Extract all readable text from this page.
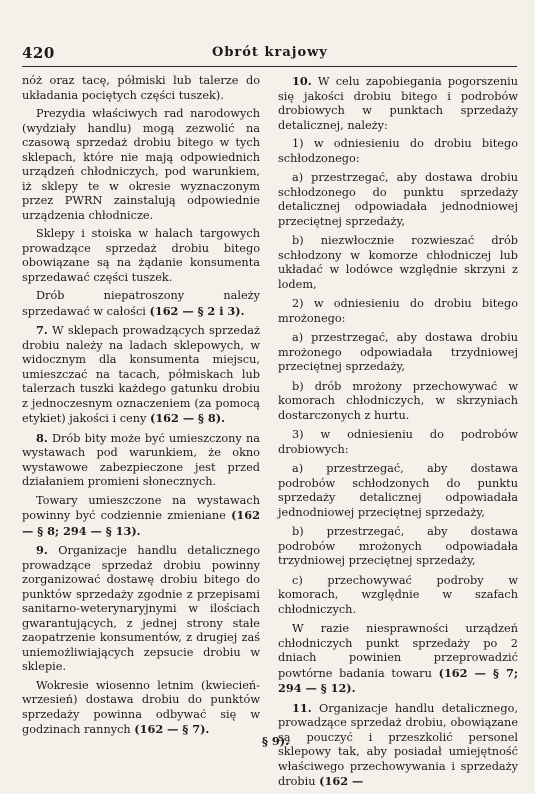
420	Obrót krajowy

nóż oraz tacę, półmiski lub talerze do układania pociętych części tuszek).

Prezydia właściwych rad narodowych (wydziały handlu) mogą zezwolić na czasową sprzedaż drobiu bitego w tych sklepach, które nie mają odpowiednich urządzeń chłodniczych, pod warunkiem, iż sklepy te w okresie wyznaczonym przez PWRN zainstalują odpowiednie urządzenia chłodnicze.

Sklepy i stoiska w halach targowych prowadzące sprzedaż drobiu bitego obowiązane są na żądanie konsumenta sprzedawać części tuszek.

Drób niepatroszony należy sprzedawać w całości (162 — § 2 i 3).

7. W sklepach prowadzących sprzedaż drobiu należy na ladach sklepowych, w widocznym dla konsumenta miejscu, umieszczać na tacach, półmiskach lub talerzach tuszki każdego gatunku drobiu z jednoczesnym oznaczeniem (za pomocą etykiet) jakości i ceny (162 — § 8).

8. Drób bity może być umieszczony na wystawach pod warunkiem, że okno wystawowe zabezpieczone jest przed działaniem promieni słonecznych.

Towary umieszczone na wystawach powinny być codziennie zmieniane (162 — § 8; 294 — § 13).

9. Organizacje handlu detalicznego prowadzące sprzedaż drobiu powinny zorganizować dostawę drobiu bitego do punktów sprzedaży zgodnie z przepisami sanitarno-weterynaryjnymi w ilościach gwarantujących, z jednej strony stałe zaopatrzenie konsumentów, z drugiej zaś uniemożliwiających zepsucie drobiu w sklepie.

Wokresie wiosenno letnim (kwiecień-wrzesień) dostawa drobiu do punktów sprzedaży powinna odbywać się w godzinach rannych (162 — § 7).

10. W celu zapobiegania pogorszeniu się jakości drobiu bitego i podrobów drobiowych w punktach sprzedaży detalicznej, należy:

1) w odniesieniu do drobiu bitego schłodzonego:

a) przestrzegać, aby dostawa drobiu schłodzonego do punktu sprzedaży detalicznej odpowiadała jednodniowej przeciętnej sprzedaży,

b) niezwłocznie rozwieszać drób schłodzony w komorze chłodniczej lub układać w lodówce względnie skrzyni z lodem,

2) w odniesieniu do drobiu bitego mrożonego:

a) przestrzegać, aby dostawa drobiu mrożonego odpowiadała trzydniowej przeciętnej sprzedaży,

b) drób mrożony przechowywać w komorach chłodniczych, w skrzyniach dostarczonych z hurtu.

3) w odniesieniu do podrobów drobiowych:

a) przestrzegać, aby dostawa podrobów schłodzonych do punktu sprzedaży detalicznej odpowiadała jednodniowej przeciętnej sprzedaży,

b) przestrzegać, aby dostawa podrobów mrożonych odpowiadała trzydniowej przeciętnej sprzedaży,

c) przechowywać podroby w komorach, względnie w szafach chłodniczych.

W razie niesprawności urządzeń chłodniczych punkt sprzedaży po 2 dniach powinien przeprowadzić powtórne badania towaru (162 — § 7; 294 — § 12).

11. Organizacje handlu detalicznego, prowadzące sprzedaż drobiu, obowiązane są pouczyć i przeszkolić personel sklepowy tak, aby posiadał umiejętność właściwego przechowywania i sprzedaży drobiu (162 —

§ 9).
